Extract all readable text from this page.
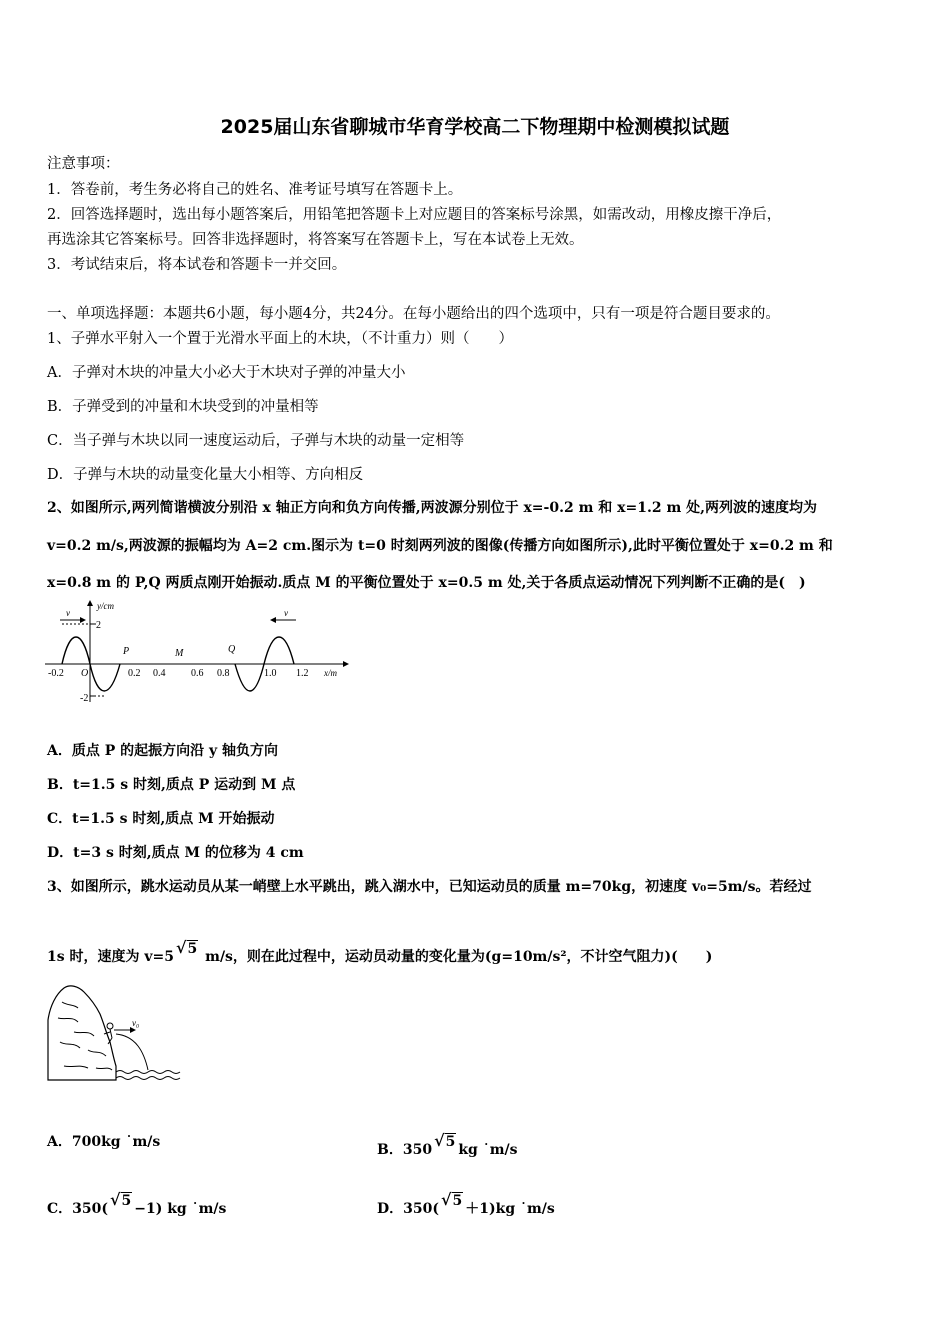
2025届山东省聊城市华育学校高二下物理期中检测模拟试题
注意事项：
1．答卷前，考生务必将自己的姓名、准考证号填写在答题卡上。
2．回答选择题时，选出每小题答案后，用铅笔把答题卡上对应题目的答案标号涂黑，如需改动，用橡皮擦干净后，
再选涂其它答案标号。回答非选择题时，将答案写在答题卡上，写在本试卷上无效。
3．考试结束后，将本试卷和答题卡一并交回。
一、单项选择题：本题共6小题，每小题4分，共24分。在每小题给出的四个选项中，只有一项是符合题目要求的。
1、子弹水平射入一个置于光滑水平面上的木块，（不计重力）则（　　）
A．子弹对木块的冲量大小必大于木块对子弹的冲量大小
B．子弹受到的冲量和木块受到的冲量相等
C．当子弹与木块以同一速度运动后，子弹与木块的动量一定相等
D．子弹与木块的动量变化量大小相等、方向相反
2、如图所示,两列简谐横波分别沿 x 轴正方向和负方向传播,两波源分别位于 x=-0.2 m 和 x=1.2 m 处,两列波的速度均为
v=0.2 m/s,两波源的振幅均为 A=2 cm.图示为 t=0 时刻两列波的图像(传播方向如图所示),此时平衡位置处于 x=0.2 m 和
x=0.8 m 的 P,Q 两质点刚开始振动.质点 M 的平衡位置处于 x=0.5 m 处,关于各质点运动情况下列判断不正确的是(　)
y/cm
x/m
2
-2
v	v
-0.2 O	0.2 0.4	0.6 0.8	1.0 1.2
P	M	Q
A．质点 P 的起振方向沿 y 轴负方向
B．t=1.5 s 时刻,质点 P 运动到 M 点
C．t=1.5 s 时刻,质点 M 开始振动
D．t=3 s 时刻,质点 M 的位移为 4 cm
3、如图所示，跳水运动员从某一峭壁上水平跳出，跳入湖水中，已知运动员的质量 m=70kg，初速度 v₀=5m/s。若经过
1s 时，速度为 v=5 √5 m/s，则在此过程中，运动员动量的变化量为(g=10m/s²，不计空气阻力)(　　)
v₀
A．700kg ˙m/s	B．350 √5 kg ˙m/s
C．350( √5 −1) kg ˙m/s	D．350( √5 ＋1)kg ˙m/s
